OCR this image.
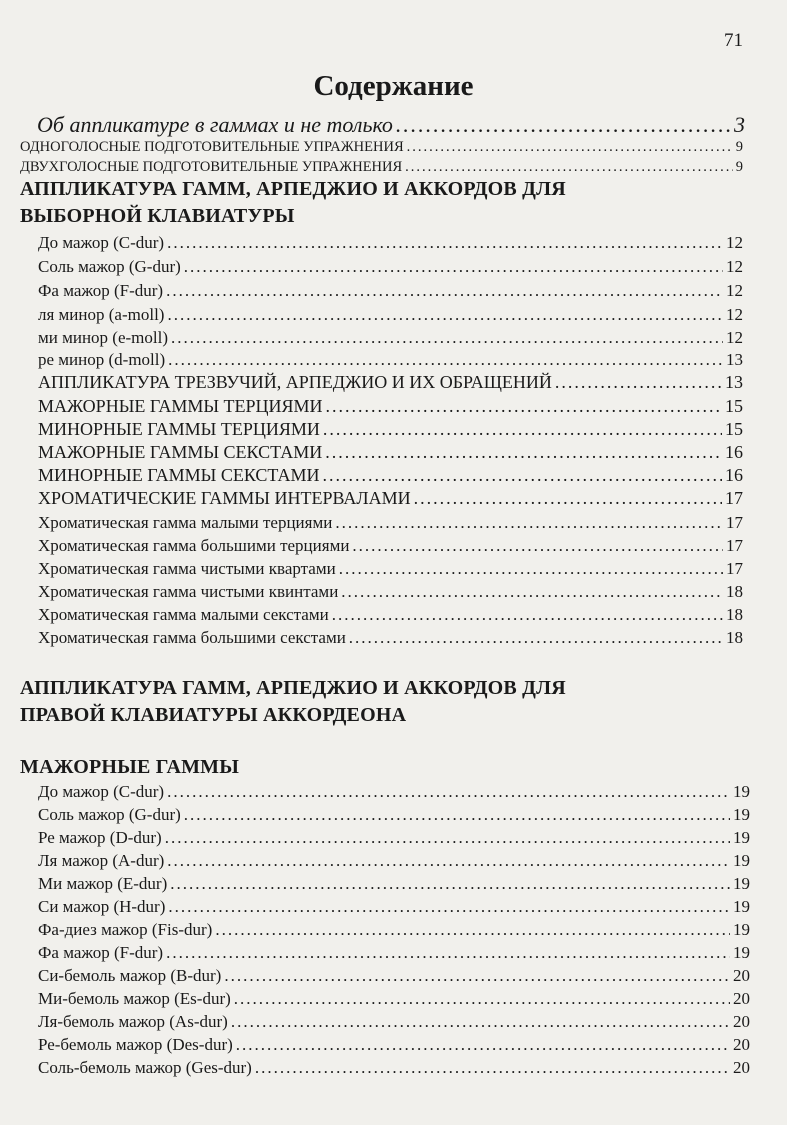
71
Содержание
Об аппликатуре в гаммах и не только .....	3
ОДНОГОЛОСНЫЕ ПОДГОТОВИТЕЛЬНЫЕ УПРАЖНЕНИЯ .....	9
ДВУХГОЛОСНЫЕ ПОДГОТОВИТЕЛЬНЫЕ УПРАЖНЕНИЯ .....	9
АППЛИКАТУРА ГАММ, АРПЕДЖИО И АККОРДОВ ДЛЯ
ВЫБОРНОЙ КЛАВИАТУРЫ
До мажор (C-dur) .....	12
Соль мажор (G-dur) .....	12
Фа мажор (F-dur) .....	12
ля минор (a-moll) .....	12
ми минор (e-moll) .....	12
ре минор (d-moll) .....	13
АППЛИКАТУРА ТРЕЗВУЧИЙ, АРПЕДЖИО И ИХ ОБРАЩЕНИЙ .....	13
МАЖОРНЫЕ ГАММЫ ТЕРЦИЯМИ .....	15
МИНОРНЫЕ ГАММЫ ТЕРЦИЯМИ .....	15
МАЖОРНЫЕ ГАММЫ СЕКСТАМИ .....	16
МИНОРНЫЕ ГАММЫ СЕКСТАМИ .....	16
ХРОМАТИЧЕСКИЕ ГАММЫ ИНТЕРВАЛАМИ .....	17
Хроматическая гамма малыми терциями .....	17
Хроматическая гамма большими терциями .....	17
Хроматическая гамма чистыми квартами .....	17
Хроматическая гамма чистыми квинтами .....	18
Хроматическая гамма малыми секстами .....	18
Хроматическая гамма большими секстами .....	18
АППЛИКАТУРА ГАММ, АРПЕДЖИО И АККОРДОВ ДЛЯ
ПРАВОЙ КЛАВИАТУРЫ АККОРДЕОНА
МАЖОРНЫЕ ГАММЫ
До мажор (C-dur) .....	19
Соль мажор (G-dur) .....	19
Ре мажор (D-dur) .....	19
Ля мажор (A-dur) .....	19
Ми мажор (E-dur) .....	19
Си мажор (H-dur) .....	19
Фа-диез мажор (Fis-dur) .....	19
Фа мажор (F-dur) .....	19
Си-бемоль мажор (B-dur) .....	20
Ми-бемоль мажор (Es-dur) .....	20
Ля-бемоль мажор (As-dur) .....	20
Ре-бемоль мажор (Des-dur) .....	20
Соль-бемоль мажор (Ges-dur) .....	20
